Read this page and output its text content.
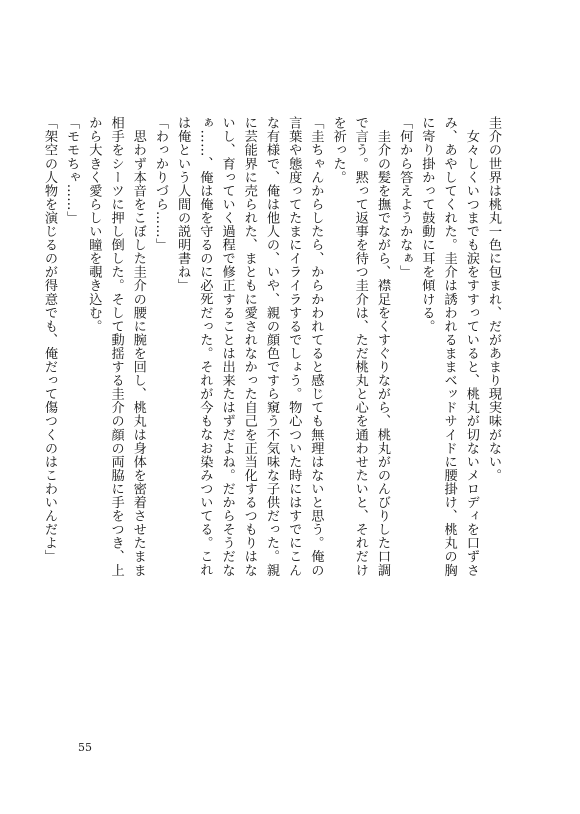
圭介の世界は桃丸一色に包まれ、だがあまり現実味がない。

　女々しくいつまでも涙をすすっていると、桃丸が切ないメロディを口ずさみ、あやしてくれた。圭介は誘われるままベッドサイドに腰掛け、桃丸の胸に寄り掛かって鼓動に耳を傾ける。

「何から答えようかなぁ」

　圭介の髪を撫でながら、襟足をくすぐりながら、桃丸がのんびりした口調で言う。黙って返事を待つ圭介は、ただ桃丸と心を通わせたいと、それだけを祈った。

「圭ちゃんからしたら、からかわれてると感じても無理はないと思う。俺の言葉や態度ってたまにイライラするでしょう。物心ついた時にはすでにこんな有様で、俺は他人の、いや、親の顔色ですら窺う不気味な子供だった。親に芸能界に売られた、まともに愛されなかった自己を正当化するつもりはないし、育っていく過程で修正することは出来たはずだよね。だからそうだなぁ……、俺は俺を守るのに必死だった。それが今もなお染みついてる。これは俺という人間の説明書ね」

「わっかりづら……」

　思わず本音をこぼした圭介の腰に腕を回し、桃丸は身体を密着させたまま相手をシーツに押し倒した。そして動揺する圭介の顔の両脇に手をつき、上から大きく愛らしい瞳を覗き込む。

「モモちゃ……」

「架空の人物を演じるのが得意でも、俺だって傷つくのはこわいんだよ」

55
